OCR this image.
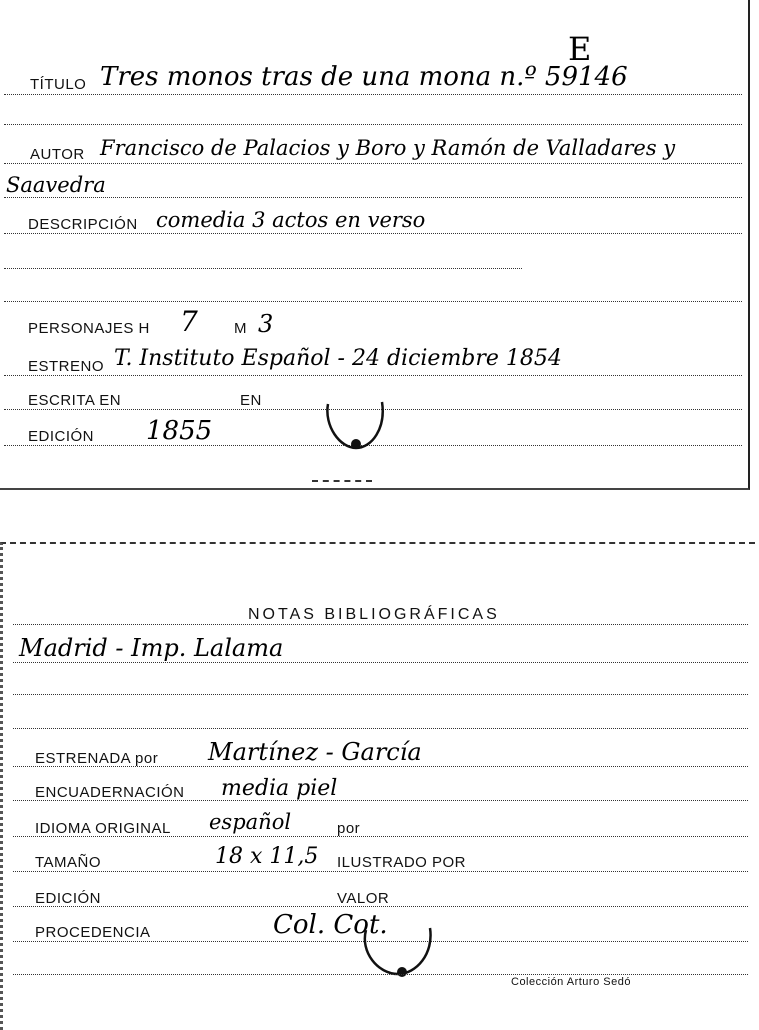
E
TÍTULO Tres monos tras de una mona n.º 59146
AUTOR Francisco de Palacios y Boro y Ramón de Valladares y
Saavedra
DESCRIPCIÓN comedia 3 actos en verso
PERSONAJES H 7 M 3
ESTRENO T. Instituto Español - 24 diciembre 1854
ESCRITA EN	EN
EDICIÓN 1855
NOTAS BIBLIOGRÁFICAS
Madrid - Imp. Lalama
ESTRENADA por Martínez - García
ENCUADERNACIÓN media piel
IDIOMA ORIGINAL español	por
TAMAÑO	18 x 11,5 ILUSTRADO POR
EDICIÓN	VALOR
PROCEDENCIA	Col. Cot.
Colección Arturo Sedó
